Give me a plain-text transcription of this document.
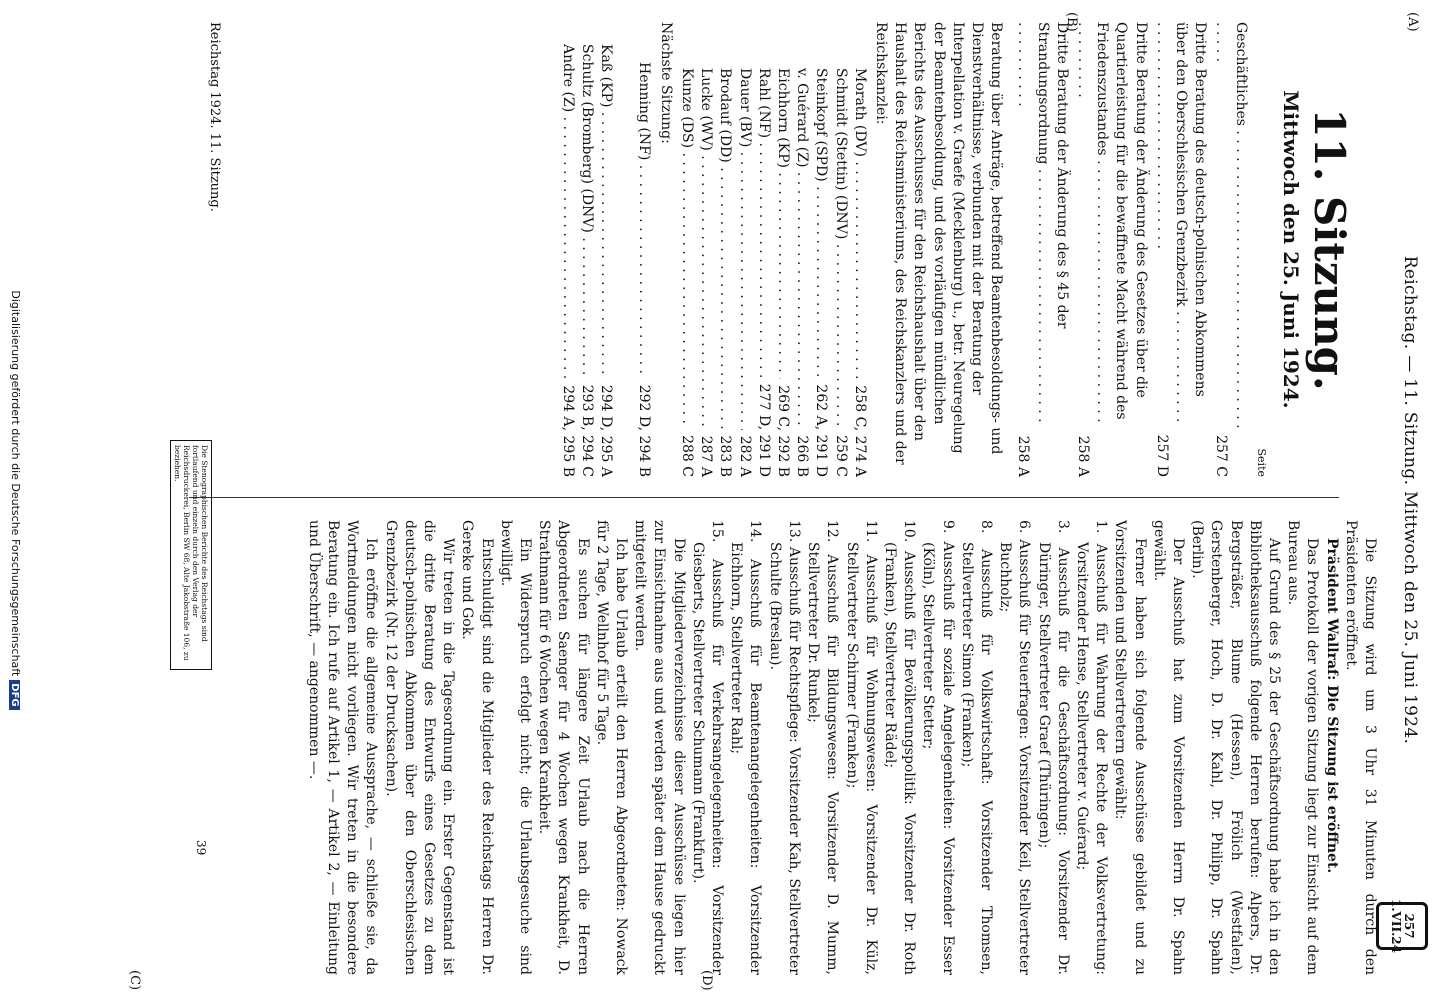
Reichstag. — 11. Sitzung. Mittwoch den 25. Juni 1924.
(A)
(B)
(C)	(D)
257
1.VII.24
11. Sitzung.
Mittwoch den 25. Juni 1924.
Seite
Geschäftliches . . .
257 C
Dritte Beratung des deutsch-polnischen Abkommens über den Oberschlesischen Grenzbezirk . . .
257 D
Dritte Beratung der Änderung des Gesetzes über die Quartierleistung für die bewaffnete Macht während des Friedenszustandes . . .
258 A
Dritte Beratung der Änderung des § 45 der Strandungsordnung . . .
258 A
Beratung über Anträge, betreffend Beamtenbesoldungs- und Dienstverhältnisse, verbunden mit der Beratung der Interpellation v. Graefe (Mecklenburg) u., betr. Neuregelung der Beamtenbesoldung, und des vorläufigen mündlichen Berichts des Ausschusses für den Reichshaushalt über den Haushalt des Reichsministeriums, des Reichskanzlers und der Reichskanzlei:
Morath (DV) . . .
258 C, 274 A
Schmidt (Stettin) (DNV) . . .
259 C
Steinkopf (SPD) . . .
262 A, 291 D
v. Guérard (Z) . . .
266 B
Eichhorn (KP) . . .
269 C, 292 B
Rahl (NF) . . .
277 D, 291 D
Dauer (BV) . . .
282 A
Brodauf (DD) . . .
283 B
Lucke (WV) . . .
287 A
Kunze (DS) . . .
288 C
Nächste Sitzung:
Henning (NF) . . .
292 D, 294 B
Kaß (KP) . . .
294 D, 295 A
Schultz (Bromberg) (DNV) . . .
293 B, 294 C
Andre (Z) . . .
294 A, 295 B

Die Sitzung wird um 3 Uhr 31 Minuten durch den Präsidenten eröffnet.

Präsident Wallraf: Die Sitzung ist eröffnet.

Das Protokoll der vorigen Sitzung liegt zur Einsicht auf dem Bureau aus.

Auf Grund des § 25 der Geschäftsordnung habe ich in den Bibliotheksausschuß folgende Herren berufen: Alpers, Dr. Bergsträßer, Blume (Hessen), Frölich (Westfalen), Gerstenberger, Hoch, D. Dr. Kahl, Dr. Philipp, Dr. Spahn (Berlin).

Der Ausschuß hat zum Vorsitzenden Herrn Dr. Spahn gewählt.

Ferner haben sich folgende Ausschüsse gebildet und zu Vorsitzenden und Stellvertretern gewählt:

1. Ausschuß für Wahrung der Rechte der Volksvertretung: Vorsitzender Hense, Stellvertreter v. Guérard;

3. Ausschuß für die Geschäftsordnung: Vorsitzender Dr. Düringer, Stellvertreter Graef (Thüringen);

6. Ausschuß für Steuerfragen: Vorsitzender Keil, Stellvertreter Buchholz;

8. Ausschuß für Volkswirtschaft: Vorsitzender Thomsen, Stellvertreter Simon (Franken);

9. Ausschuß für soziale Angelegenheiten: Vorsitzender Esser (Köln), Stellvertreter Stetter;

10. Ausschuß für Bevölkerungspolitik: Vorsitzender Dr. Roth (Franken), Stellvertreter Rädel;

11. Ausschuß für Wohnungswesen: Vorsitzender Dr. Külz, Stellvertreter Schirmer (Franken);

12. Ausschuß für Bildungswesen: Vorsitzender D. Mumm, Stellvertreter Dr. Runkel;

13. Ausschuß für Rechtspflege: Vorsitzender Kah, Stellvertreter Schulte (Breslau).

14. Ausschuß für Beamtenangelegenheiten: Vorsitzender Eichhorn, Stellvertreter Rahl;

15. Ausschuß für Verkehrsangelegenheiten: Vorsitzender Giesberts, Stellvertreter Schumann (Frankfurt).

Die Mitgliederverzeichnisse dieser Ausschüsse liegen hier zur Einsichtnahme aus und werden später dem Hause gedruckt mitgeteilt werden.

Ich habe Urlaub erteilt den Herren Abgeordneten: Nowack für 2 Tage, Wellnhof für 5 Tage.

Es suchen für längere Zeit Urlaub nach die Herren Abgeordneten Saenger für 4 Wochen wegen Krankheit, D. Strathmann für 6 Wochen wegen Krankheit.

Ein Widerspruch erfolgt nicht; die Urlaubsgesuche sind bewilligt.

Entschuldigt sind die Mitglieder des Reichstags Herren Dr. Gereke und Gok.

Wir treten in die Tagesordnung ein. Erster Gegenstand ist die dritte Beratung des Entwurfs eines Gesetzes zu dem deutsch-polnischen Abkommen über den Oberschlesischen Grenzbezirk (Nr. 12 der Drucksachen).

Ich eröffne die allgemeine Aussprache, — schließe sie, da Wortmeldungen nicht vorliegen. Wir treten in die besondere Beratung ein. Ich rufe auf Artikel 1, — Artikel 2, — Einleitung und Überschrift, — angenommen —.

Reichstag 1924. 11. Sitzung.
Die Stenographischen Berichte des Reichstags sind fortlaufend und einzeln durch den Verlag der Reichsdruckerei, Berlin SW 68, Alte Jakobstraße 106, zu beziehen.
39
Digitalisierung gefördert durch die Deutsche ForschungsgemeinschaftDFG
